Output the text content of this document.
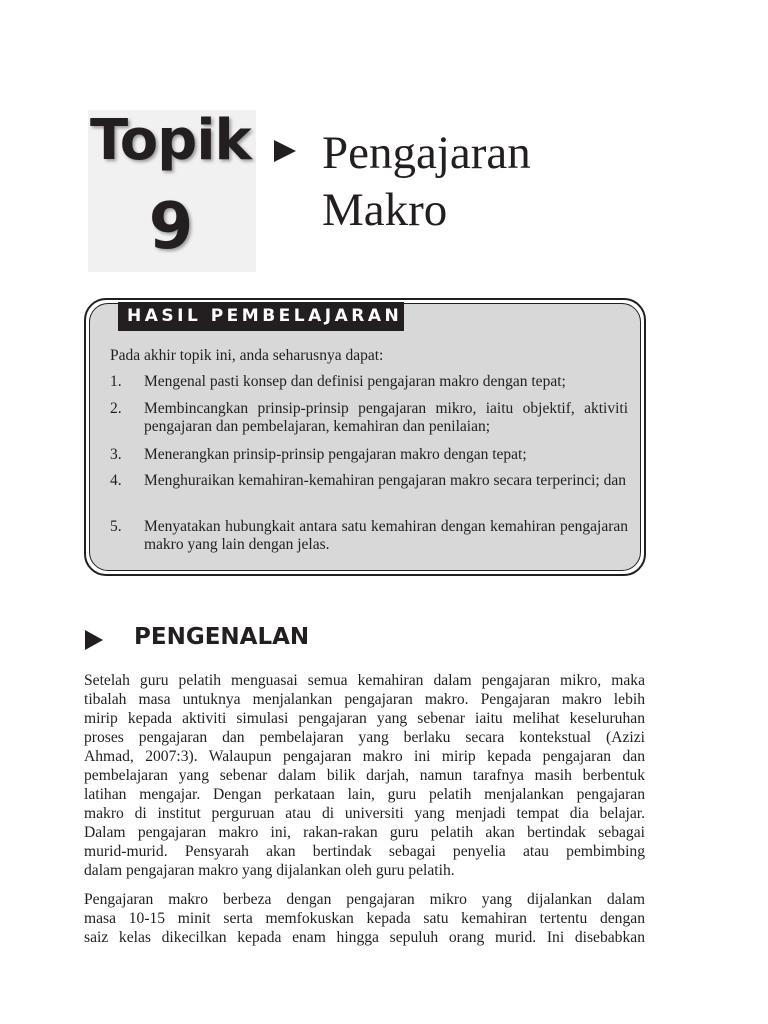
Topik
9
Pengajaran
Makro
HASIL PEMBELAJARAN
Pada akhir topik ini, anda seharusnya dapat:
1. Mengenal pasti konsep dan definisi pengajaran makro dengan tepat;
2. Membincangkan prinsip-prinsip pengajaran mikro, iaitu objektif, aktiviti pengajaran dan pembelajaran, kemahiran dan penilaian;
3. Menerangkan prinsip-prinsip pengajaran makro dengan tepat;
4. Menghuraikan kemahiran-kemahiran pengajaran makro secara terperinci; dan
5. Menyatakan hubungkait antara satu kemahiran dengan kemahiran pengajaran makro yang lain dengan jelas.
PENGENALAN
Setelah guru pelatih menguasai semua kemahiran dalam pengajaran mikro, maka
tibalah masa untuknya menjalankan pengajaran makro. Pengajaran makro lebih
mirip kepada aktiviti simulasi pengajaran yang sebenar iaitu melihat keseluruhan
proses pengajaran dan pembelajaran yang berlaku secara kontekstual (Azizi
Ahmad, 2007:3). Walaupun pengajaran makro ini mirip kepada pengajaran dan
pembelajaran yang sebenar dalam bilik darjah, namun tarafnya masih berbentuk
latihan mengajar. Dengan perkataan lain, guru pelatih menjalankan pengajaran
makro di institut perguruan atau di universiti yang menjadi tempat dia belajar.
Dalam pengajaran makro ini, rakan-rakan guru pelatih akan bertindak sebagai
murid-murid. Pensyarah akan bertindak sebagai penyelia atau pembimbing
dalam pengajaran makro yang dijalankan oleh guru pelatih.
Pengajaran makro berbeza dengan pengajaran mikro yang dijalankan dalam
masa 10-15 minit serta memfokuskan kepada satu kemahiran tertentu dengan
saiz kelas dikecilkan kepada enam hingga sepuluh orang murid. Ini disebabkan
